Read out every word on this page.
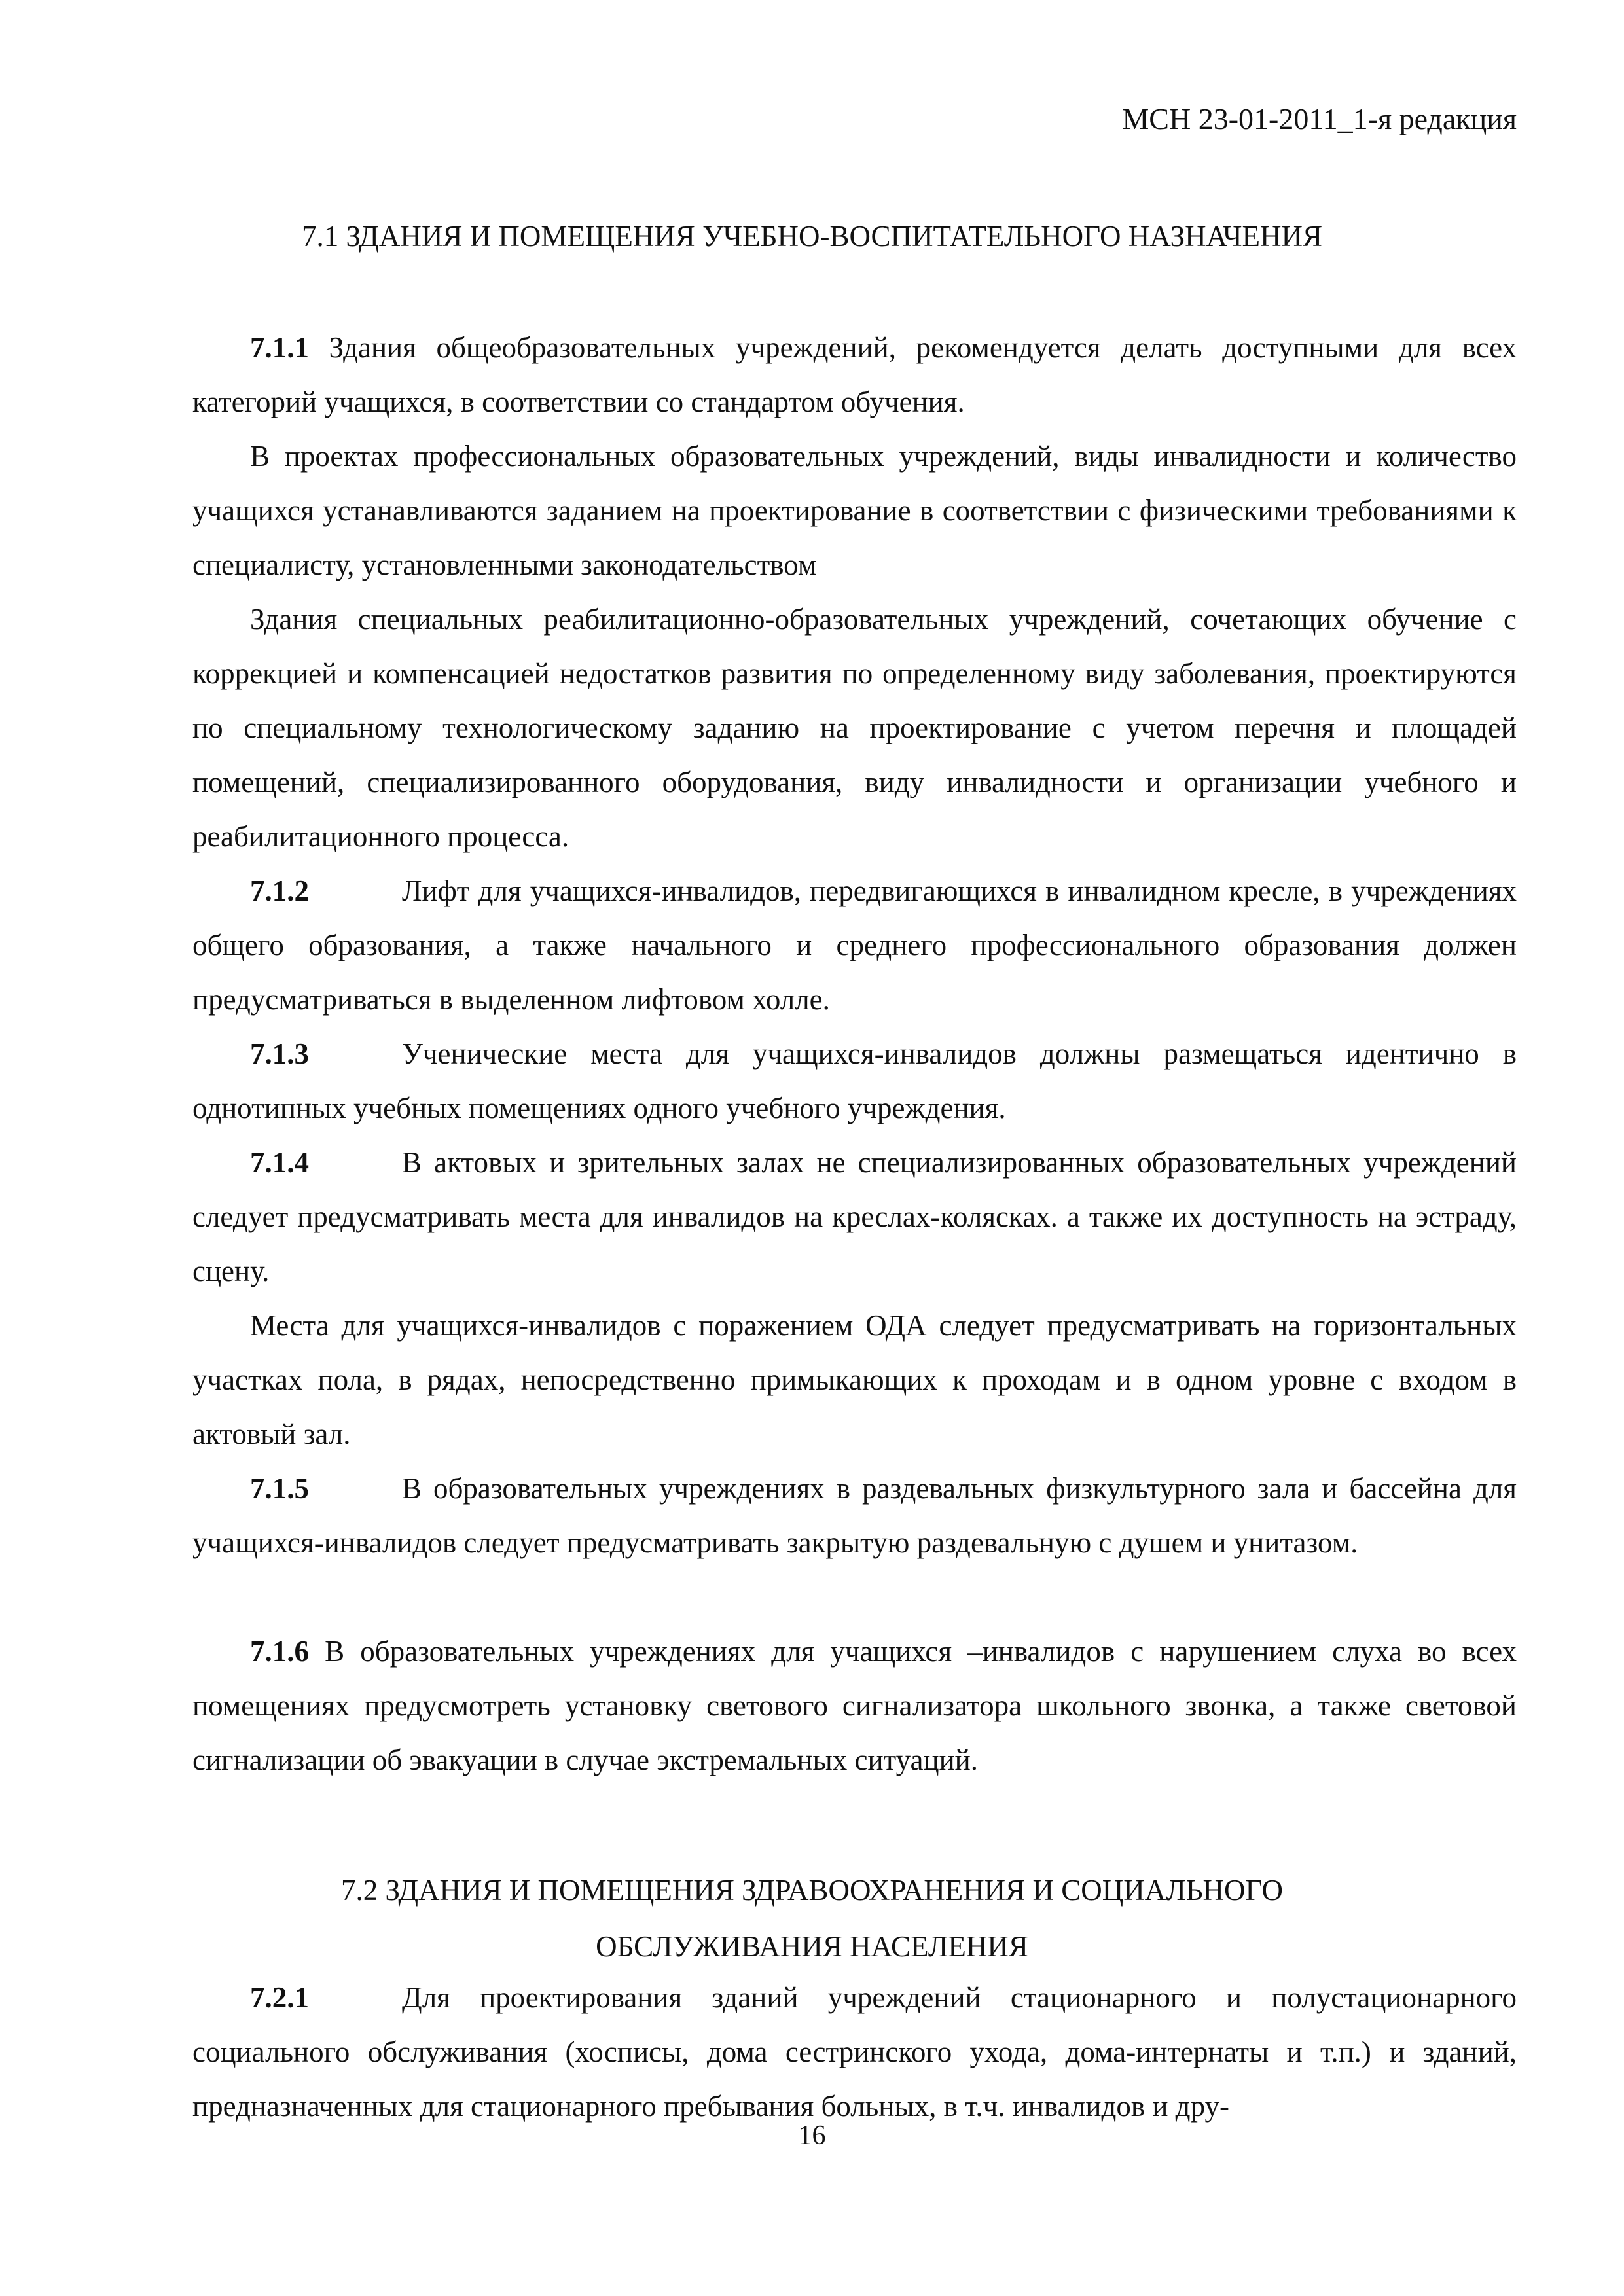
МСН 23-01-2011_1-я редакция

7.1 ЗДАНИЯ И ПОМЕЩЕНИЯ УЧЕБНО-ВОСПИТАТЕЛЬНОГО НАЗНАЧЕНИЯ

7.1.1 Здания общеобразовательных учреждений, рекомендуется делать доступными для всех категорий учащихся, в соответствии со стандартом обучения.

В проектах профессиональных образовательных учреждений, виды инвалидности и количество учащихся устанавливаются заданием на проектирование в соответствии с физическими требованиями к специалисту, установленными законодательством

Здания специальных реабилитационно-образовательных учреждений, сочетающих обучение с коррекцией и компенсацией недостатков развития по определенному виду заболевания, проектируются по специальному технологическому заданию на проектирование с учетом перечня и площадей помещений, специализированного оборудования, виду инвалидности и организации учебного и реабилитационного процесса.

7.1.2	Лифт для учащихся-инвалидов, передвигающихся в инвалидном кресле, в учреждениях общего образования, а также начального и среднего профессионального образования должен предусматриваться в выделенном лифтовом холле.

7.1.3	Ученические места для учащихся-инвалидов должны размещаться идентично в однотипных учебных помещениях одного учебного учреждения.

7.1.4	В актовых и зрительных залах не специализированных образовательных учреждений следует предусматривать места для инвалидов на креслах-колясках. а также их доступность на эстраду, сцену.

Места для учащихся-инвалидов с поражением ОДА следует предусматривать на горизонтальных участках пола, в рядах, непосредственно примыкающих к проходам и в одном уровне с входом в актовый зал.

7.1.5	В образовательных учреждениях в раздевальных физкультурного зала и бассейна для учащихся-инвалидов следует предусматривать закрытую раздевальную с душем и унитазом.

7.1.6 В образовательных учреждениях для учащихся –инвалидов с нарушением слуха во всех помещениях предусмотреть установку светового сигнализатора школьного звонка, а также световой сигнализации об эвакуации в случае экстремальных ситуаций.

7.2 ЗДАНИЯ И ПОМЕЩЕНИЯ ЗДРАВООХРАНЕНИЯ И СОЦИАЛЬНОГО
ОБСЛУЖИВАНИЯ НАСЕЛЕНИЯ

7.2.1	Для проектирования зданий учреждений стационарного и полустационарного социального обслуживания (хосписы, дома сестринского ухода, дома-интернаты и т.п.) и зданий, предназначенных для стационарного пребывания больных, в т.ч. инвалидов и дру-

16
